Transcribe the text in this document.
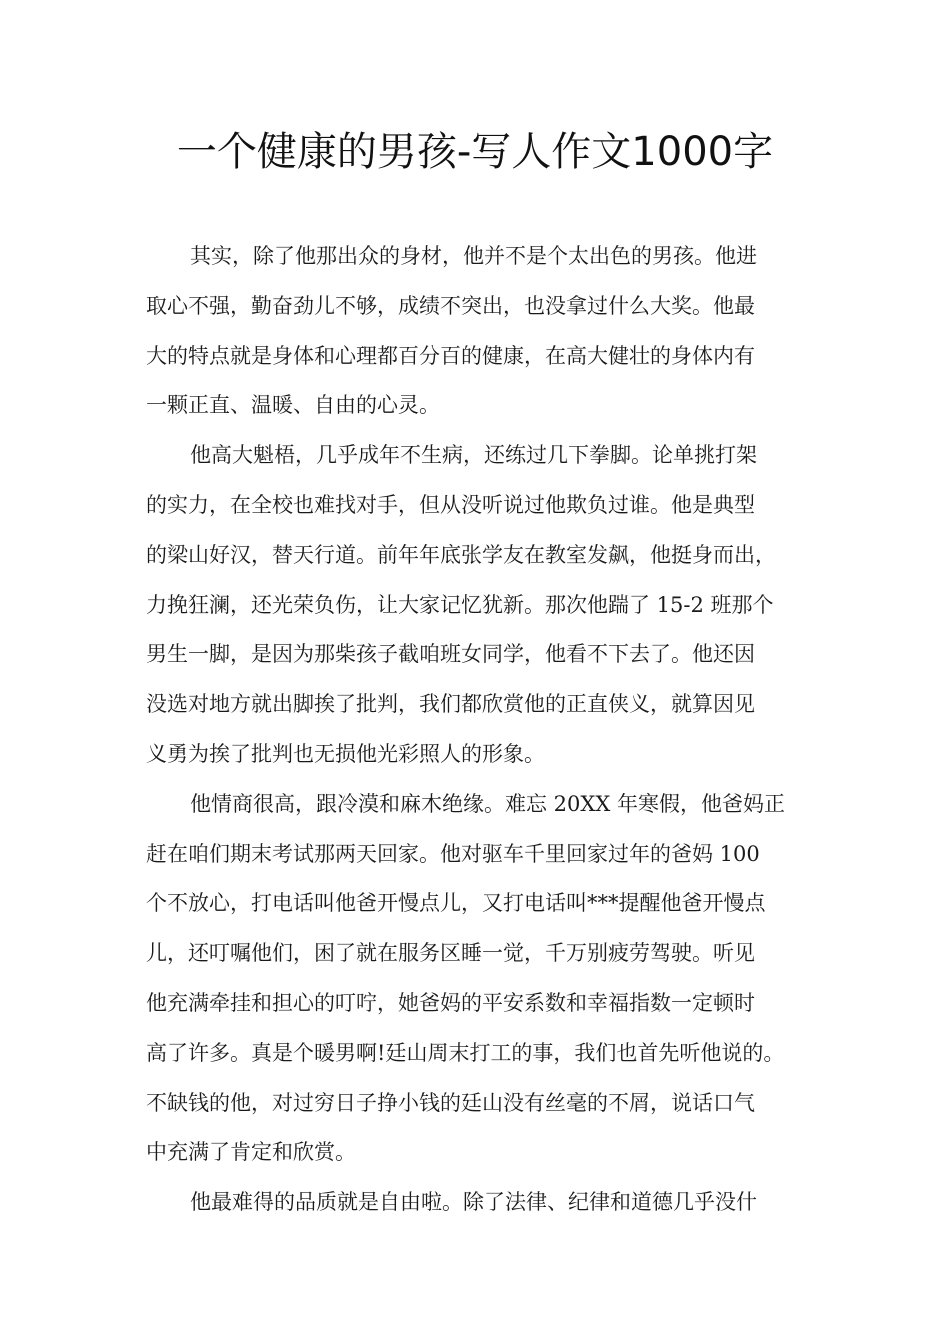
一个健康的男孩-写人作文1000字
其实，除了他那出众的身材，他并不是个太出色的男孩。他进
取心不强，勤奋劲儿不够，成绩不突出，也没拿过什么大奖。他最
大的特点就是身体和心理都百分百的健康，在高大健壮的身体内有
一颗正直、温暖、自由的心灵。
他高大魁梧，几乎成年不生病，还练过几下拳脚。论单挑打架
的实力，在全校也难找对手，但从没听说过他欺负过谁。他是典型
的梁山好汉，替天行道。前年年底张学友在教室发飙，他挺身而出，
力挽狂澜，还光荣负伤，让大家记忆犹新。那次他踹了 15-2 班那个
男生一脚，是因为那柴孩子截咱班女同学，他看不下去了。他还因
没选对地方就出脚挨了批判，我们都欣赏他的正直侠义，就算因见
义勇为挨了批判也无损他光彩照人的形象。
他情商很高，跟冷漠和麻木绝缘。难忘 20XX 年寒假，他爸妈正
赶在咱们期末考试那两天回家。他对驱车千里回家过年的爸妈 100
个不放心，打电话叫他爸开慢点儿，又打电话叫***提醒他爸开慢点
儿，还叮嘱他们，困了就在服务区睡一觉，千万别疲劳驾驶。听见
他充满牵挂和担心的叮咛，她爸妈的平安系数和幸福指数一定顿时
高了许多。真是个暖男啊!廷山周末打工的事，我们也首先听他说的。
不缺钱的他，对过穷日子挣小钱的廷山没有丝毫的不屑，说话口气
中充满了肯定和欣赏。
他最难得的品质就是自由啦。除了法律、纪律和道德几乎没什
